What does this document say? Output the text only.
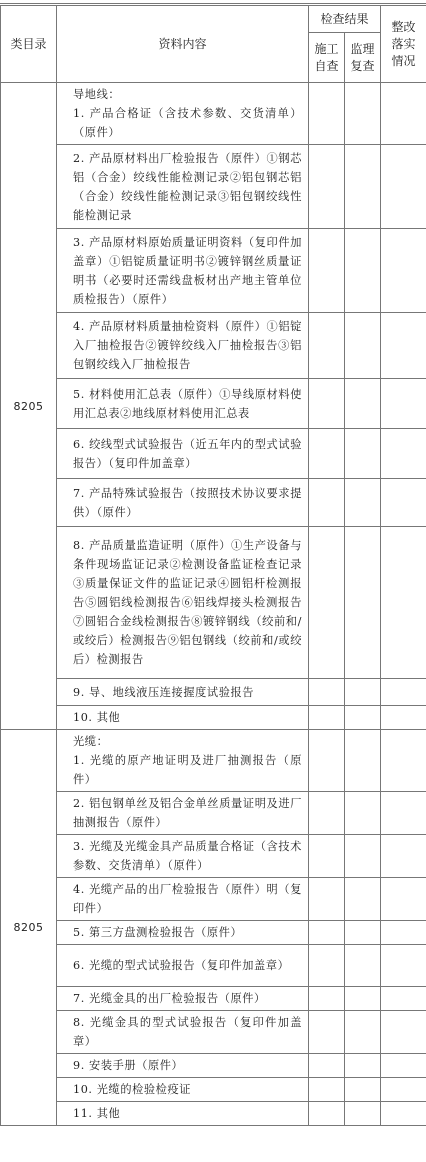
类目录	资料内容	检查结果		整改落实情况
		施工自查	监理复查	
8205	导地线：
1. 产品合格证（含技术参数、交货清单）（原件）			

	2. 产品原材料出厂检验报告（原件）①钢芯铝（合金）绞线性能检测记录②铝包钢芯铝（合金）绞线性能检测记录③铝包钢绞线性能检测记录			

	3. 产品原材料原始质量证明资料（复印件加盖章）①铝锭质量证明书②镀锌钢丝质量证明书（必要时还需线盘板材出产地主管单位质检报告）（原件）			

	4. 产品原材料质量抽检资料（原件）①铝锭入厂抽检报告②镀锌绞线入厂抽检报告③铝包钢绞线入厂抽检报告			

	5. 材料使用汇总表（原件）①导线原材料使用汇总表②地线原材料使用汇总表			

	6. 绞线型式试验报告（近五年内的型式试验报告）（复印件加盖章）			

	7. 产品特殊试验报告（按照技术协议要求提供）（原件）			

	8. 产品质量监造证明（原件）①生产设备与条件现场监证记录②检测设备监证检查记录③质量保证文件的监证记录④圆铝杆检测报告⑤圆铝线检测报告⑥铝线焊接头检测报告⑦圆铝合金线检测报告⑧镀锌钢线（绞前和/或绞后）检测报告⑨铝包钢线（绞前和/或绞后）检测报告			

	9. 导、地线液压连接握度试验报告			

	10. 其他			

8205	光缆：
1. 光缆的原产地证明及进厂抽测报告（原件）			

	2. 铝包钢单丝及铝合金单丝质量证明及进厂抽测报告（原件）			

	3. 光缆及光缆金具产品质量合格证（含技术参数、交货清单）（原件）			

	4. 光缆产品的出厂检验报告（原件）明（复印件）			

	5. 第三方盘测检验报告（原件）			

	6. 光缆的型式试验报告（复印件加盖章）			

	7. 光缆金具的出厂检验报告（原件）			

	8. 光缆金具的型式试验报告（复印件加盖章）			

	9. 安装手册（原件）			

	10. 光缆的检验检疫证			

	11. 其他			
